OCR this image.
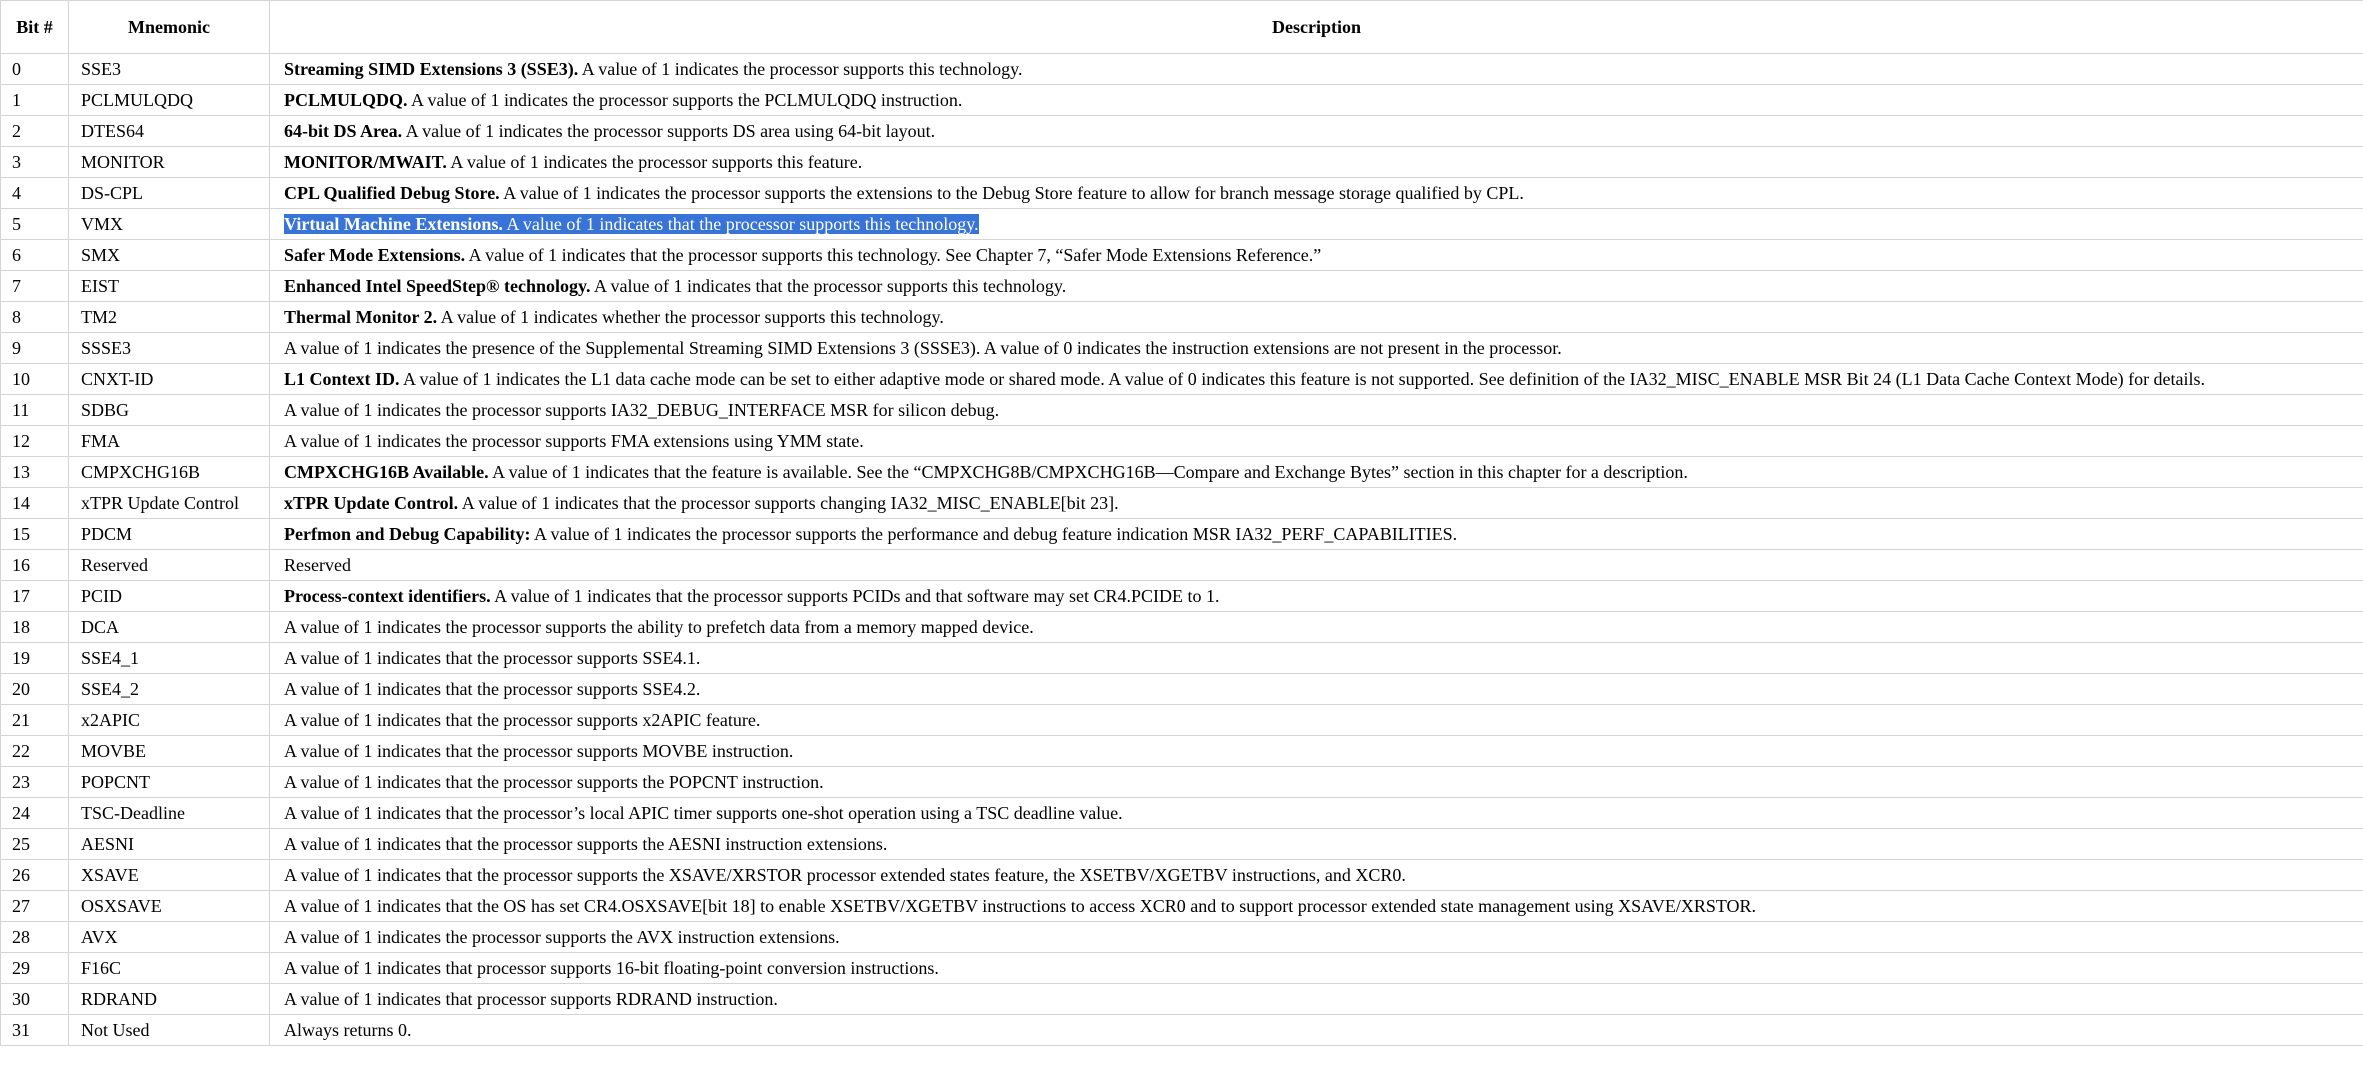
Bit #	Mnemonic	Description
0	SSE3	Streaming SIMD Extensions 3 (SSE3). A value of 1 indicates the processor supports this technology.
1	PCLMULQDQ	PCLMULQDQ. A value of 1 indicates the processor supports the PCLMULQDQ instruction.
2	DTES64	64-bit DS Area. A value of 1 indicates the processor supports DS area using 64-bit layout.
3	MONITOR	MONITOR/MWAIT. A value of 1 indicates the processor supports this feature.
4	DS-CPL	CPL Qualified Debug Store. A value of 1 indicates the processor supports the extensions to the Debug Store feature to allow for branch message storage qualified by CPL.
5	VMX	Virtual Machine Extensions. A value of 1 indicates that the processor supports this technology.
6	SMX	Safer Mode Extensions. A value of 1 indicates that the processor supports this technology. See Chapter 7, “Safer Mode Extensions Reference.”
7	EIST	Enhanced Intel SpeedStep® technology. A value of 1 indicates that the processor supports this technology.
8	TM2	Thermal Monitor 2. A value of 1 indicates whether the processor supports this technology.
9	SSSE3	A value of 1 indicates the presence of the Supplemental Streaming SIMD Extensions 3 (SSSE3). A value of 0 indicates the instruction extensions are not present in the processor.
10	CNXT-ID	L1 Context ID. A value of 1 indicates the L1 data cache mode can be set to either adaptive mode or shared mode. A value of 0 indicates this feature is not supported. See definition of the IA32_MISC_ENABLE MSR Bit 24 (L1 Data Cache Context Mode) for details.
11	SDBG	A value of 1 indicates the processor supports IA32_DEBUG_INTERFACE MSR for silicon debug.
12	FMA	A value of 1 indicates the processor supports FMA extensions using YMM state.
13	CMPXCHG16B	CMPXCHG16B Available. A value of 1 indicates that the feature is available. See the “CMPXCHG8B/CMPXCHG16B—Compare and Exchange Bytes” section in this chapter for a description.
14	xTPR Update Control	xTPR Update Control. A value of 1 indicates that the processor supports changing IA32_MISC_ENABLE[bit 23].
15	PDCM	Perfmon and Debug Capability: A value of 1 indicates the processor supports the performance and debug feature indication MSR IA32_PERF_CAPABILITIES.
16	Reserved	Reserved
17	PCID	Process-context identifiers. A value of 1 indicates that the processor supports PCIDs and that software may set CR4.PCIDE to 1.
18	DCA	A value of 1 indicates the processor supports the ability to prefetch data from a memory mapped device.
19	SSE4_1	A value of 1 indicates that the processor supports SSE4.1.
20	SSE4_2	A value of 1 indicates that the processor supports SSE4.2.
21	x2APIC	A value of 1 indicates that the processor supports x2APIC feature.
22	MOVBE	A value of 1 indicates that the processor supports MOVBE instruction.
23	POPCNT	A value of 1 indicates that the processor supports the POPCNT instruction.
24	TSC-Deadline	A value of 1 indicates that the processor’s local APIC timer supports one-shot operation using a TSC deadline value.
25	AESNI	A value of 1 indicates that the processor supports the AESNI instruction extensions.
26	XSAVE	A value of 1 indicates that the processor supports the XSAVE/XRSTOR processor extended states feature, the XSETBV/XGETBV instructions, and XCR0.
27	OSXSAVE	A value of 1 indicates that the OS has set CR4.OSXSAVE[bit 18] to enable XSETBV/XGETBV instructions to access XCR0 and to support processor extended state management using XSAVE/XRSTOR.
28	AVX	A value of 1 indicates the processor supports the AVX instruction extensions.
29	F16C	A value of 1 indicates that processor supports 16-bit floating-point conversion instructions.
30	RDRAND	A value of 1 indicates that processor supports RDRAND instruction.
31	Not Used	Always returns 0.
